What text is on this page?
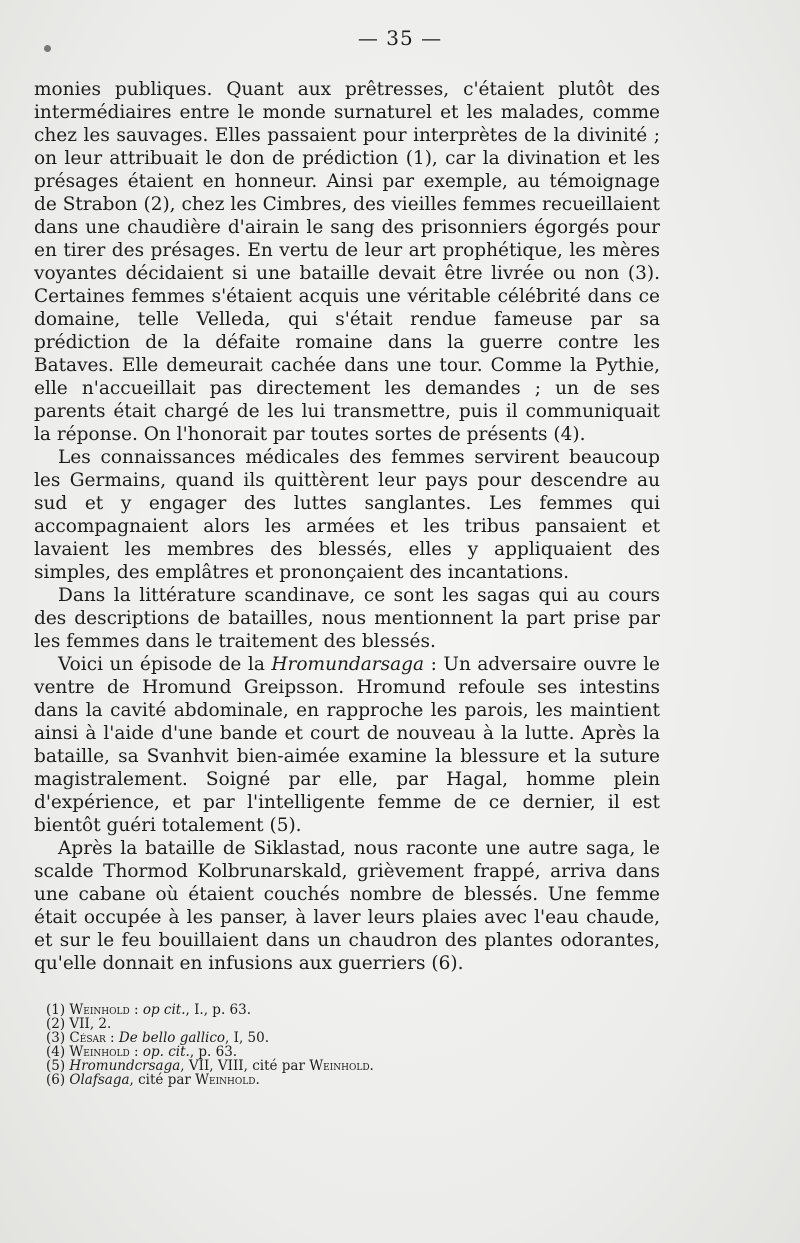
— 35 —

monies publiques. Quant aux prêtresses, c'étaient plutôt des intermédiaires entre le monde surnaturel et les malades, comme chez les sauvages. Elles passaient pour interprètes de la divinité ; on leur attribuait le don de prédiction (1), car la divination et les présages étaient en honneur. Ainsi par exemple, au témoignage de Strabon (2), chez les Cimbres, des vieilles femmes recueillaient dans une chaudière d'airain le sang des prisonniers égorgés pour en tirer des présages. En vertu de leur art prophétique, les mères voyantes décidaient si une bataille devait être livrée ou non (3). Certaines femmes s'étaient acquis une véritable célébrité dans ce domaine, telle Velleda, qui s'était rendue fameuse par sa prédiction de la défaite romaine dans la guerre contre les Bataves. Elle demeurait cachée dans une tour. Comme la Pythie, elle n'accueillait pas directement les demandes ; un de ses parents était chargé de les lui transmettre, puis il communiquait la réponse. On l'honorait par toutes sortes de présents (4).

Les connaissances médicales des femmes servirent beaucoup les Germains, quand ils quittèrent leur pays pour descendre au sud et y engager des luttes sanglantes. Les femmes qui accompagnaient alors les armées et les tribus pansaient et lavaient les membres des blessés, elles y appliquaient des simples, des emplâtres et prononçaient des incantations.

Dans la littérature scandinave, ce sont les sagas qui au cours des descriptions de batailles, nous mentionnent la part prise par les femmes dans le traitement des blessés.

Voici un épisode de la Hromundarsaga : Un adversaire ouvre le ventre de Hromund Greipsson. Hromund refoule ses intestins dans la cavité abdominale, en rapproche les parois, les maintient ainsi à l'aide d'une bande et court de nouveau à la lutte. Après la bataille, sa Svanhvit bien-aimée examine la blessure et la suture magistralement. Soigné par elle, par Hagal, homme plein d'expérience, et par l'intelligente femme de ce dernier, il est bientôt guéri totalement (5).

Après la bataille de Siklastad, nous raconte une autre saga, le scalde Thormod Kolbrunarskald, grièvement frappé, arriva dans une cabane où étaient couchés nombre de blessés. Une femme était occupée à les panser, à laver leurs plaies avec l'eau chaude, et sur le feu bouillaient dans un chaudron des plantes odorantes, qu'elle donnait en infusions aux guerriers (6).

(1) Weinhold : op cit., I., p. 63.
(2) VII, 2.
(3) César : De bello gallico, I, 50.
(4) Weinhold : op. cit., p. 63.
(5) Hromundcrsaga, VII, VIII, cité par Weinhold.
(6) Olafsaga, cité par Weinhold.
